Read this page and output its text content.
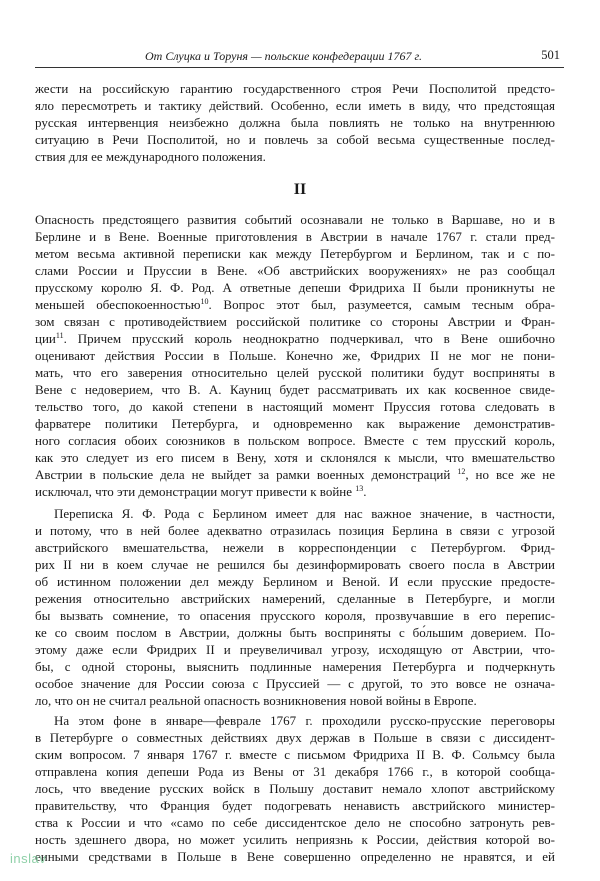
От Слуцка и Торуня — польские конфедерации 1767 г.	501
жести на российскую гарантию государственного строя Речи Посполитой предсто-
яло пересмотреть и тактику действий. Особенно, если иметь в виду, что предстоящая
русская интервенция неизбежно должна была повлиять не только на внутреннюю
ситуацию в Речи Посполитой, но и повлечь за собой весьма существенные послед-
ствия для ее международного положения.
II
Опасность предстоящего развития событий осознавали не только в Варшаве, но и в
Берлине и в Вене. Военные приготовления в Австрии в начале 1767 г. стали пред-
метом весьма активной переписки как между Петербургом и Берлином, так и с по-
слами России и Пруссии в Вене. «Об австрийских вооружениях» не раз сообщал
прусскому королю Я. Ф. Род. А ответные депеши Фридриха II были проникнуты не
меньшей обеспокоенностью$^{10}$. Вопрос этот был, разумеется, самым тесным обра-
зом связан с противодействием российской политике со стороны Австрии и Фран-
ции$^{11}$. Причем прусский король неоднократно подчеркивал, что в Вене ошибочно
оценивают действия России в Польше. Конечно же, Фридрих II не мог не пони-
мать, что его заверения относительно целей русской политики будут восприняты в
Вене с недоверием, что В. А. Кауниц будет рассматривать их как косвенное свиде-
тельство того, до какой степени в настоящий момент Пруссия готова следовать в
фарватере политики Петербурга, и одновременно как выражение демонстратив-
ного согласия обоих союзников в польском вопросе. Вместе с тем прусский король,
как это следует из его писем в Вену, хотя и склонялся к мысли, что вмешательство
Австрии в польские дела не выйдет за рамки военных демонстраций $^{12}$, но все же не
исключал, что эти демонстрации могут привести к войне $^{13}$.
Переписка Я. Ф. Рода с Берлином имеет для нас важное значение, в частности,
и потому, что в ней более адекватно отразилась позиция Берлина в связи с угрозой
австрийского вмешательства, нежели в корреспонденции с Петербургом. Фрид-
рих II ни в коем случае не решился бы дезинформировать своего посла в Австрии
об истинном положении дел между Берлином и Веной. И если прусские предосте-
режения относительно австрийских намерений, сделанные в Петербурге, и могли
бы вызвать сомнение, то опасения прусского короля, прозвучавшие в его перепис-
ке со своим послом в Австрии, должны быть восприняты с бо́льшим доверием. По-
этому даже если Фридрих II и преувеличивал угрозу, исходящую от Австрии, что-
бы, с одной стороны, выяснить подлинные намерения Петербурга и подчеркнуть
особое значение для России союза с Пруссией — с другой, то это вовсе не означа-
ло, что он не считал реальной опасность возникновения новой войны в Европе.
На этом фоне в январе—феврале 1767 г. проходили русско-прусские переговоры
в Петербурге о совместных действиях двух держав в Польше в связи с диссидент-
ским вопросом. 7 января 1767 г. вместе с письмом Фридриха II В. Ф. Сольмсу была
отправлена копия депеши Рода из Вены от 31 декабря 1766 г., в которой сообща-
лось, что введение русских войск в Польшу доставит немало хлопот австрийскому
правительству, что Франция будет подогревать ненависть австрийского министер-
ства к России и что «само по себе диссидентское дело не способно затронуть рев-
ность здешнего двора, но может усилить неприязнь к России, действия которой во-
енными средствами в Польше в Вене совершенно определенно не нравятся, и ей
inslav
